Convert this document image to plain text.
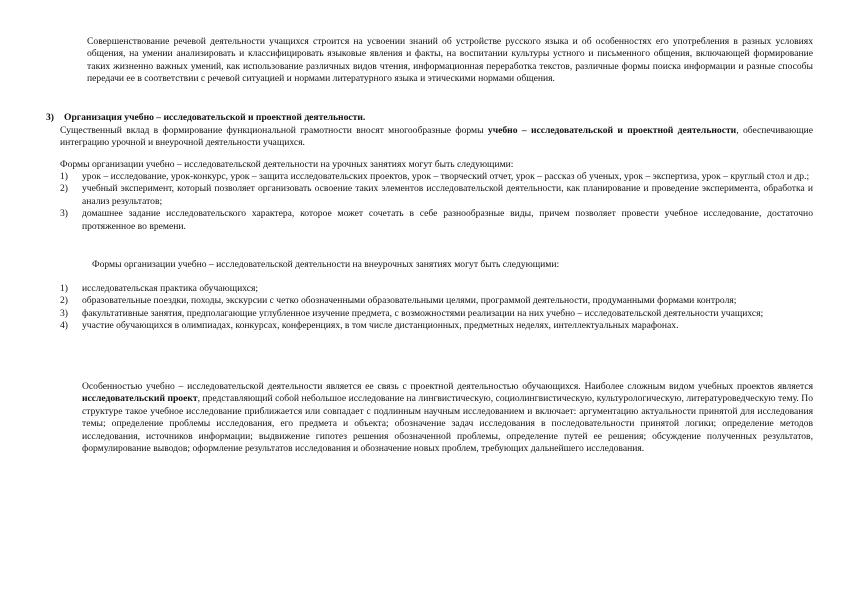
Совершенствование речевой деятельности учащихся строится на усвоении знаний об устройстве русского языка и об особенностях его употребления в разных условиях общения, на умении анализировать и классифицировать языковые явления и факты, на воспитании культуры устного и письменного общения, включающей формирование таких жизненно важных умений, как использование различных видов чтения, информационная переработка текстов, различные формы поиска информации и разные способы передачи ее в соответствии с речевой ситуацией и нормами литературного языка и этическими нормами общения.
3) Организация учебно – исследовательской и проектной деятельности.
Существенный вклад в формирование функциональной грамотности вносят многообразные формы учебно – исследовательской и проектной деятельности, обеспечивающие интеграцию урочной и внеурочной деятельности учащихся.
Формы организации учебно – исследовательской деятельности на урочных занятиях могут быть следующими:
1) урок – исследование, урок-конкурс, урок – защита исследовательских проектов, урок – творческий отчет, урок – рассказ об ученых, урок – экспертиза, урок – круглый стол и др.;
2) учебный эксперимент, который позволяет организовать освоение таких элементов исследовательской деятельности, как планирование и проведение эксперимента, обработка и анализ результатов;
3) домашнее задание исследовательского характера, которое может сочетать в себе разнообразные виды, причем позволяет провести учебное исследование, достаточно протяженное во времени.
Формы организации учебно – исследовательской деятельности на внеурочных занятиях могут быть следующими:
1) исследовательская практика обучающихся;
2) образовательные поездки, походы, экскурсии с четко обозначенными образовательными целями, программой деятельности, продуманными формами контроля;
3) факультативные занятия, предполагающие углубленное изучение предмета, с возможностями реализации на них учебно – исследовательской деятельности учащихся;
4) участие обучающихся в олимпиадах, конкурсах, конференциях, в том числе дистанционных, предметных неделях, интеллектуальных марафонах.
Особенностью учебно – исследовательской деятельности является ее связь с проектной деятельностью обучающихся. Наиболее сложным видом учебных проектов является исследовательский проект, представляющий собой небольшое исследование на лингвистическую, социолингвистическую, культурологическую, литературоведческую тему. По структуре такое учебное исследование приближается или совпадает с подлинным научным исследованием и включает: аргументацию актуальности принятой для исследования темы; определение проблемы исследования, его предмета и объекта; обозначение задач исследования в последовательности принятой логики; определение методов исследования, источников информации; выдвижение гипотез решения обозначенной проблемы, определение путей ее решения; обсуждение полученных результатов, формулирование выводов; оформление результатов исследования и обозначение новых проблем, требующих дальнейшего исследования.
